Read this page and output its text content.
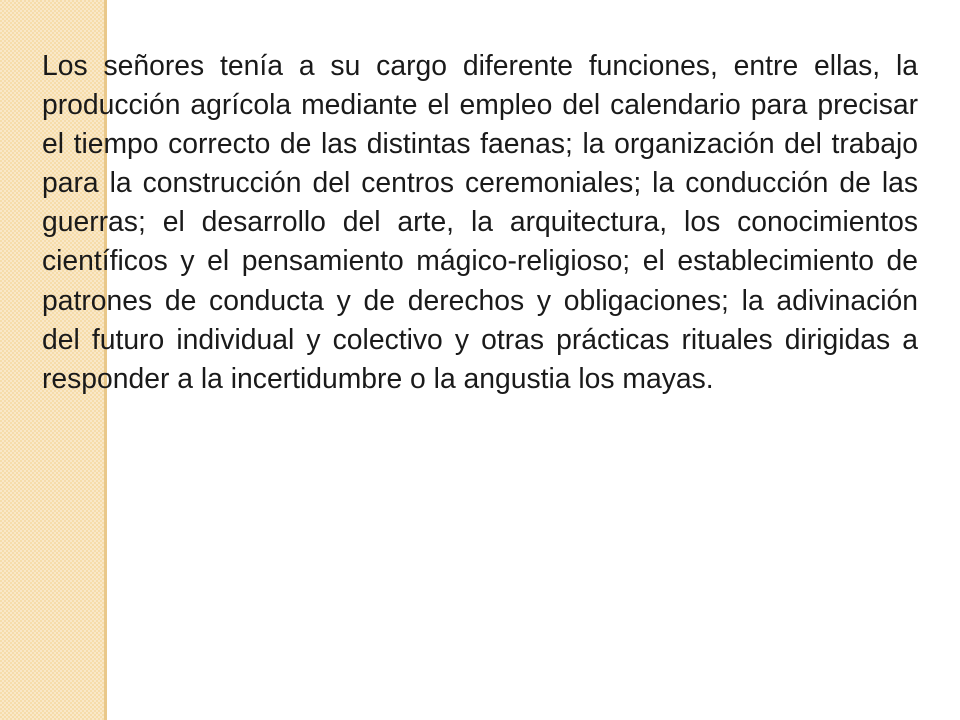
Los señores tenía a su cargo diferente funciones, entre ellas, la producción agrícola mediante el empleo del calendario para precisar el tiempo correcto de las distintas faenas; la organización del trabajo para la construcción del centros ceremoniales; la conducción de las guerras; el desarrollo del arte, la arquitectura, los conocimientos científicos y el pensamiento mágico-religioso; el establecimiento de patrones de conducta y de derechos y obligaciones; la adivinación del futuro individual y colectivo y otras prácticas rituales dirigidas a responder a la incertidumbre o la angustia los mayas.
